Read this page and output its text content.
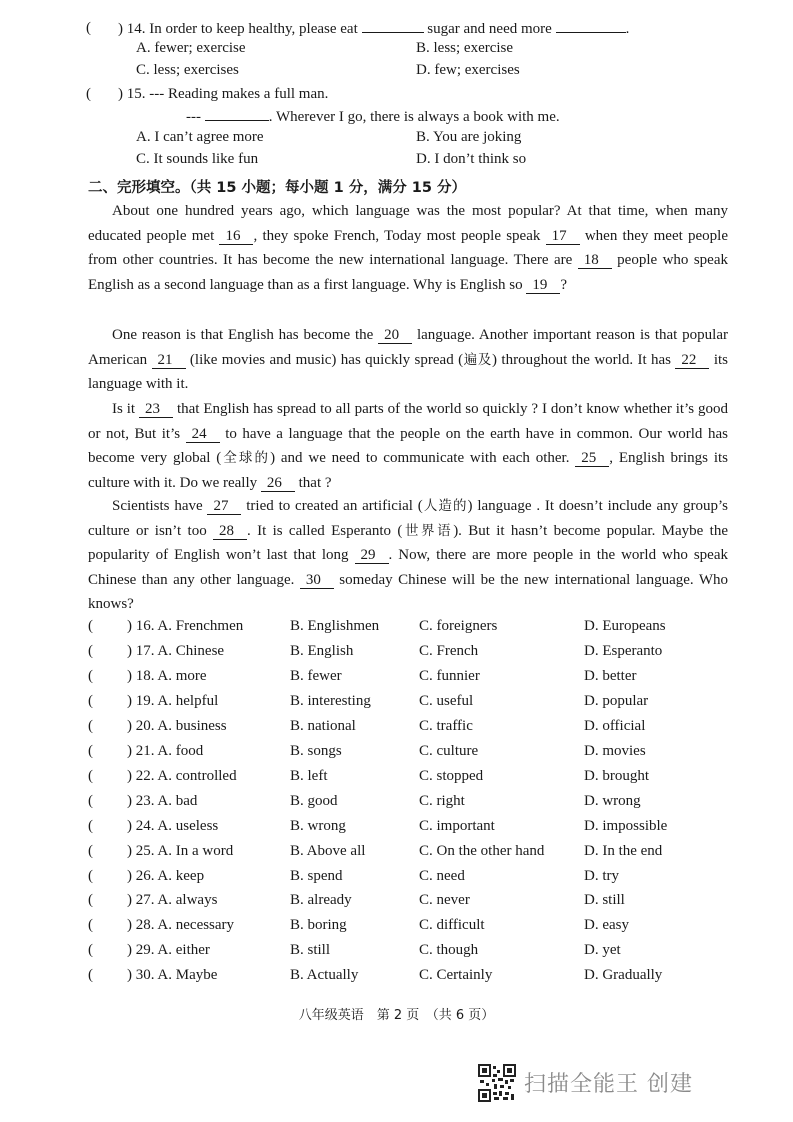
( ) 14. In order to keep healthy, please eat	sugar and need more	.
A. fewer; exercise	B. less; exercise
C. less; exercises	D. few; exercises
( ) 15. --- Reading makes a full man.
---	. Wherever I go, there is always a book with me.
A. I can’t agree more	B. You are joking
C. It sounds like fun	D. I don’t think so
二、完形填空。（共 15 小题；每小题 1 分，满分 15 分）
About one hundred years ago, which language was the most popular? At that time, when many educated people met 16 , they spoke French, Today most people speak 17 when they meet people from other countries. It has become the new international language. There are 18 people who speak English as a second language than as a first language. Why is English so 19 ?
One reason is that English has become the 20 language. Another important reason is that popular American 21 (like movies and music) has quickly spread (遍及) throughout the world. It has 22 its language with it.
Is it 23 that English has spread to all parts of the world so quickly ? I don’t know whether it’s good or not, But it’s 24 to have a language that the people on the earth have in common. Our world has become very global (全球的) and we need to communicate with each other. 25 , English brings its culture with it. Do we really 26 that ?
Scientists have 27 tried to created an artificial (人造的) language . It doesn’t include any group’s culture or isn’t too 28 . It is called Esperanto (世界语). But it hasn’t become popular. Maybe the popularity of English won’t last that long 29 . Now, there are more people in the world who speak Chinese than any other language. 30 someday Chinese will be the new international language. Who knows?
( ) 16. A. Frenchmen	B. Englishmen	C. foreigners	D. Europeans
( ) 17. A. Chinese	B. English	C. French	D. Esperanto
( ) 18. A. more	B. fewer	C. funnier	D. better
( ) 19. A. helpful	B. interesting	C. useful	D. popular
( ) 20. A. business	B. national	C. traffic	D. official
( ) 21. A. food	B. songs	C. culture	D. movies
( ) 22. A. controlled	B. left	C. stopped	D. brought
( ) 23. A. bad	B. good	C. right	D. wrong
( ) 24. A. useless	B. wrong	C. important	D. impossible
( ) 25. A. In a word	B. Above all	C. On the other hand	D. In the end
( ) 26. A. keep	B. spend	C. need	D. try
( ) 27. A. always	B. already	C. never	D. still
( ) 28. A. necessary	B. boring	C. difficult	D. easy
( ) 29. A. either	B. still	C. though	D. yet
( ) 30. A. Maybe	B. Actually	C. Certainly	D. Gradually
八年级英语　第 2 页　（共 6 页）
扫描全能王 创建
